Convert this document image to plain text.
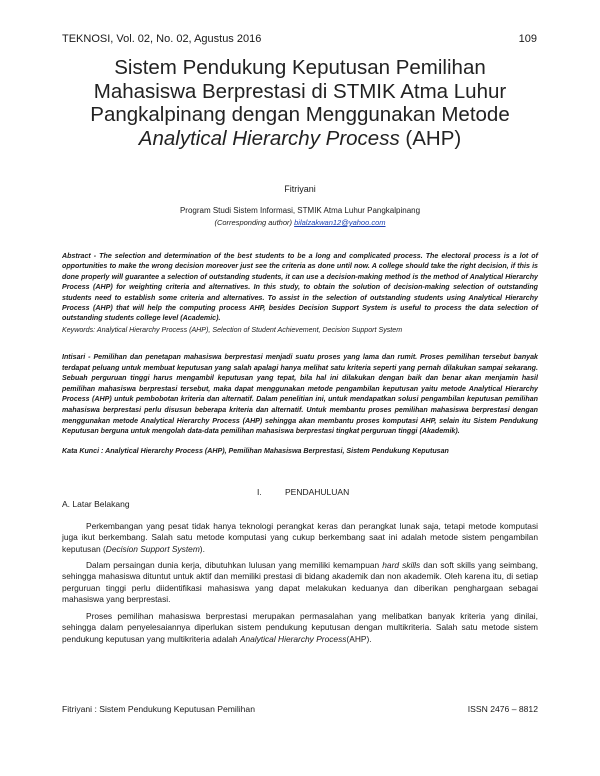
TEKNOSI, Vol. 02, No. 02, Agustus 2016	109
Sistem Pendukung Keputusan Pemilihan
Mahasiswa Berprestasi di STMIK Atma Luhur
Pangkalpinang dengan Menggunakan Metode
Analytical Hierarchy Process (AHP)
Fitriyani
Program Studi Sistem Informasi, STMIK Atma Luhur Pangkalpinang
(Corresponding author) bilalzakwan12@yahoo.com
Abstract - The selection and determination of the best students to be a long and complicated process. The electoral process is a lot of opportunities to make the wrong decision moreover just see the criteria as done until now. A college should take the right decision, if this is done properly will guarantee a selection of outstanding students, it can use a decision-making method is the method of Analytical Hierarchy Process (AHP) for weighting criteria and alternatives. In this study, to obtain the solution of decision-making selection of outstanding students need to establish some criteria and alternatives. To assist in the selection of outstanding students using Analytical Hierarchy Process (AHP) that will help the computing process AHP, besides Decision Support System is useful to process the data selection of outstanding students college level (Academic).
Keywords: Analytical Hierarchy Process (AHP), Selection of Student Achievement, Decision Support System
Intisari - Pemilihan dan penetapan mahasiswa berprestasi menjadi suatu proses yang lama dan rumit. Proses pemilihan tersebut banyak terdapat peluang untuk membuat keputusan yang salah apalagi hanya melihat satu kriteria seperti yang pernah dilakukan sampai sekarang. Sebuah perguruan tinggi harus mengambil keputusan yang tepat, bila hal ini dilakukan dengan baik dan benar akan menjamin hasil pemilihan mahasiswa berprestasi tersebut, maka dapat menggunakan metode pengambilan keputusan yaitu metode Analytical Hierarchy Process (AHP) untuk pembobotan kriteria dan alternatif. Dalam penelitian ini, untuk mendapatkan solusi pengambilan keputusan pemilihan mahasiswa berprestasi perlu disusun beberapa kriteria dan alternatif. Untuk membantu proses pemilihan mahasiswa berprestasi dengan menggunakan metode Analytical Hierarchy Process (AHP) sehingga akan membantu proses komputasi AHP, selain itu Sistem Pendukung Keputusan berguna untuk mengolah data-data pemilihan mahasiswa berprestasi tingkat perguruan tinggi (Akademik).
Kata Kunci : Analytical Hierarchy Process (AHP), Pemilihan Mahasiswa Berprestasi, Sistem Pendukung Keputusan
I.	PENDAHULUAN
A. Latar Belakang
Perkembangan yang pesat tidak hanya teknologi perangkat keras dan perangkat lunak saja, tetapi metode komputasi juga ikut berkembang. Salah satu metode komputasi yang cukup berkembang saat ini adalah metode sistem pengambilan keputusan (Decision Support System).
Dalam persaingan dunia kerja, dibutuhkan lulusan yang memiliki kemampuan hard skills dan soft skills yang seimbang, sehingga mahasiswa dituntut untuk aktif dan memiliki prestasi di bidang akademik dan non akademik. Oleh karena itu, di setiap perguruan tinggi perlu diidentifikasi mahasiswa yang dapat melakukan keduanya dan diberikan penghargaan sebagai mahasiswa yang berprestasi.
Proses pemilihan mahasiswa berprestasi merupakan permasalahan yang melibatkan banyak kriteria yang dinilai, sehingga dalam penyelesaiannya diperlukan sistem pendukung keputusan dengan multikriteria. Salah satu metode sistem pendukung keputusan yang multikriteria adalah Analytical Hierarchy Process(AHP).
Fitriyani : Sistem Pendukung Keputusan Pemilihan	ISSN 2476 – 8812
